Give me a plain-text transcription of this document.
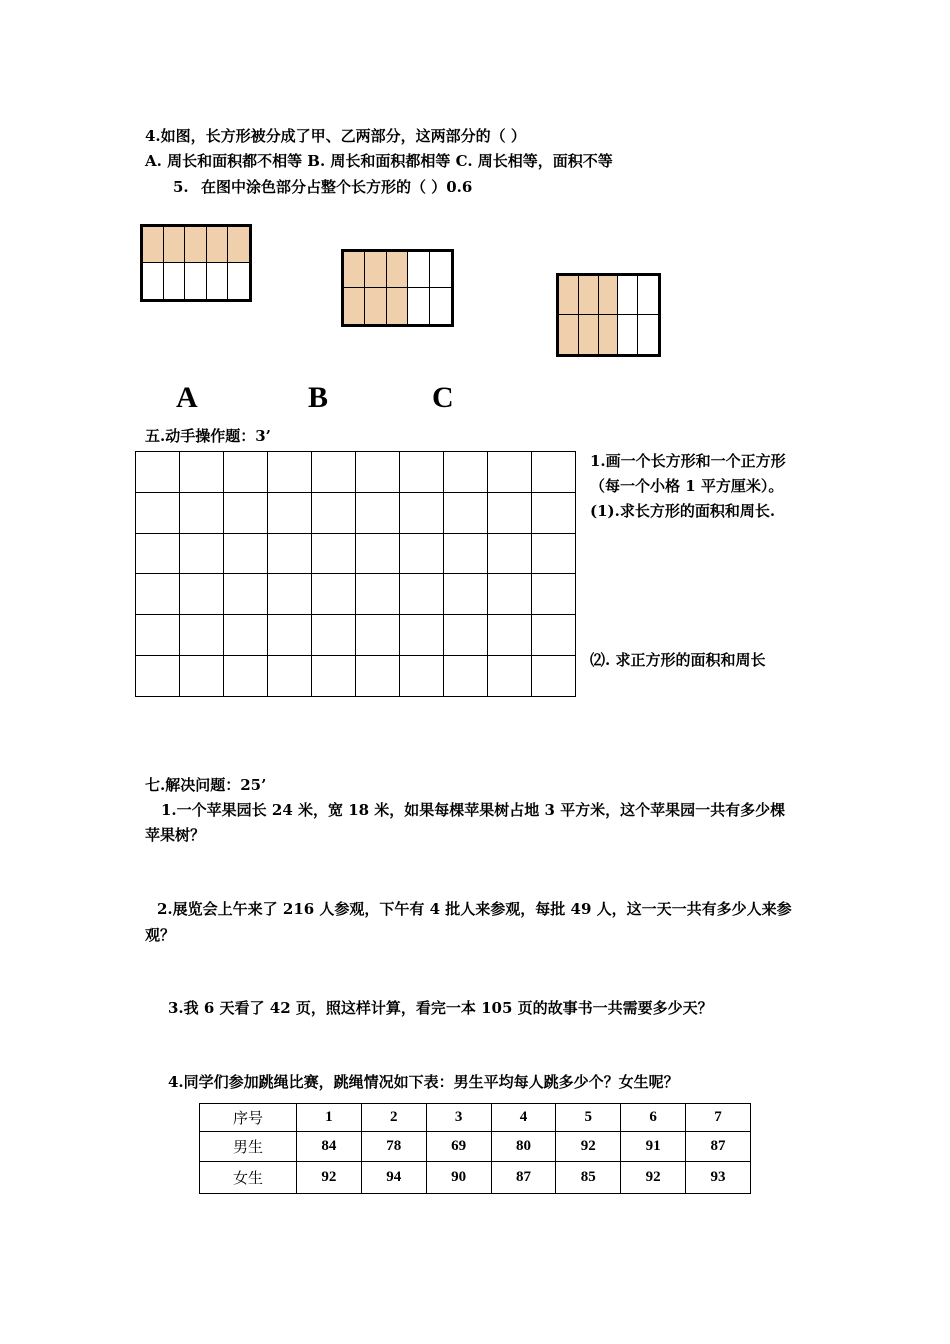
4.如图，长方形被分成了甲、乙两部分，这两部分的（ ）
A. 周长和面积都不相等 B. 周长和面积都相等 C. 周长相等，面积不等
5. 在图中涂色部分占整个长方形的（ ）0.6
A	B	C
五.动手操作题：3’

1.画一个长方形和一个正方形
（每一个小格 1 平方厘米）。
(1).求长方形的面积和周长.
⑵. 求正方形的面积和周长
七.解决问题：25’
1.一个苹果园长 24 米，宽 18 米，如果每棵苹果树占地 3 平方米，这个苹果园一共有多少棵
苹果树？
2.展览会上午来了 216 人参观，下午有 4 批人来参观，每批 49 人，这一天一共有多少人来参
观？
3.我 6 天看了 42 页，照这样计算，看完一本 105 页的故事书一共需要多少天？
4.同学们参加跳绳比赛，跳绳情况如下表：男生平均每人跳多少个？女生呢？
序号	1	2	3	4	5	6	7
男生	84	78	69	80	92	91	87
女生	92	94	90	87	85	92	93
